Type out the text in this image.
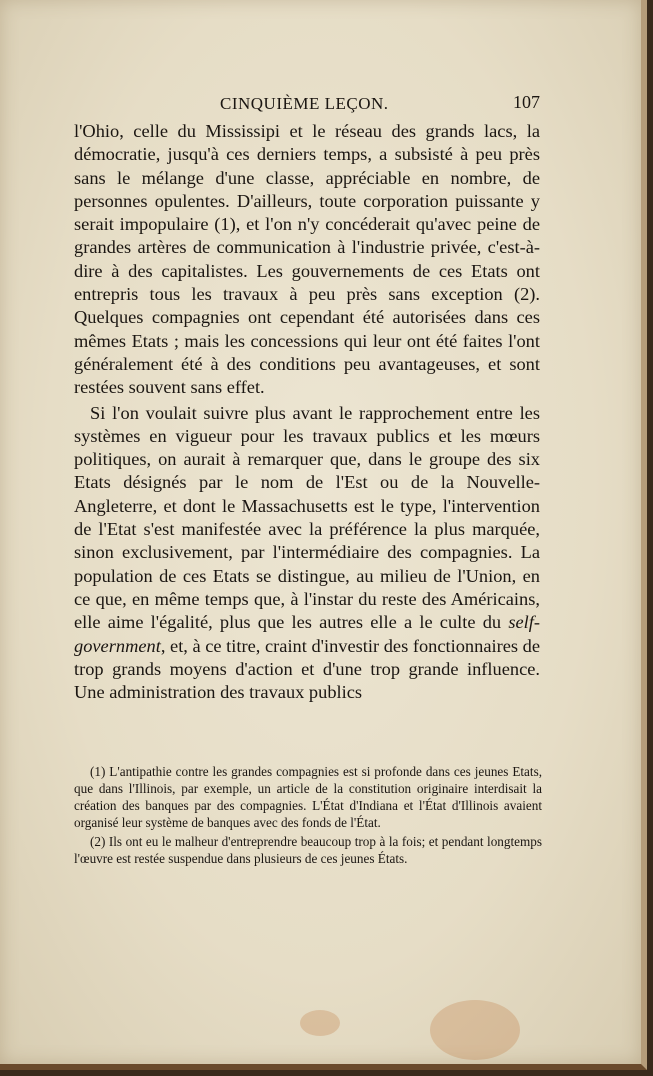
CINQUIÈME LEÇON.	107

l'Ohio, celle du Mississipi et le réseau des grands lacs, la démocratie, jusqu'à ces derniers temps, a subsisté à peu près sans le mélange d'une classe, appréciable en nombre, de personnes opulentes. D'ailleurs, toute corporation puissante y serait impopulaire (1), et l'on n'y concéderait qu'avec peine de grandes artères de communication à l'industrie privée, c'est-à-dire à des capitalistes. Les gouvernements de ces Etats ont entrepris tous les travaux à peu près sans exception (2). Quelques compagnies ont cependant été autorisées dans ces mêmes Etats ; mais les concessions qui leur ont été faites l'ont généralement été à des conditions peu avantageuses, et sont restées souvent sans effet.

Si l'on voulait suivre plus avant le rapprochement entre les systèmes en vigueur pour les travaux publics et les mœurs politiques, on aurait à remarquer que, dans le groupe des six Etats désignés par le nom de l'Est ou de la Nouvelle-Angleterre, et dont le Massachusetts est le type, l'intervention de l'Etat s'est manifestée avec la préférence la plus marquée, sinon exclusivement, par l'intermédiaire des compagnies. La population de ces Etats se distingue, au milieu de l'Union, en ce que, en même temps que, à l'instar du reste des Américains, elle aime l'égalité, plus que les autres elle a le culte du self-government, et, à ce titre, craint d'investir des fonctionnaires de trop grands moyens d'action et d'une trop grande influence. Une administration des travaux publics

(1) L'antipathie contre les grandes compagnies est si profonde dans ces jeunes Etats, que dans l'Illinois, par exemple, un article de la constitution originaire interdisait la création des banques par des compagnies. L'État d'Indiana et l'État d'Illinois avaient organisé leur système de banques avec des fonds de l'État.

(2) Ils ont eu le malheur d'entreprendre beaucoup trop à la fois; et pendant longtemps l'œuvre est restée suspendue dans plusieurs de ces jeunes États.
